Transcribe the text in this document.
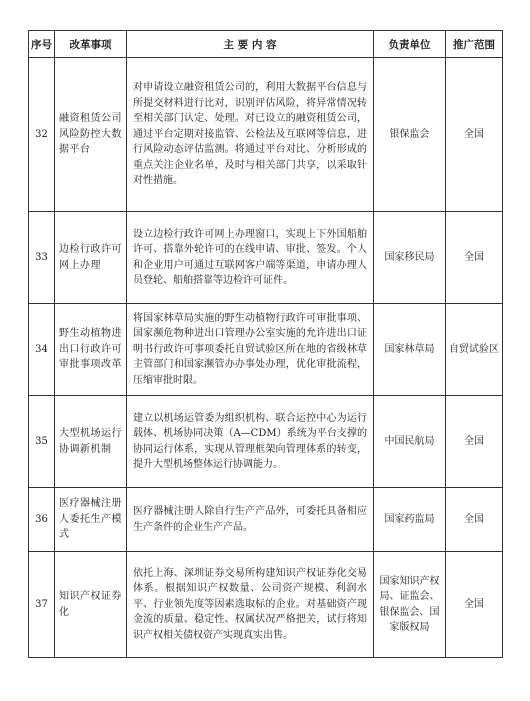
序号	改革事项	主 要 内 容	负责单位	推广范围
32	融资租赁公司风险防控大数据平台	对申请设立融资租赁公司的，利用大数据平台信息与所提交材料进行比对，识别评估风险，将异常情况转至相关部门认定、处理。对已设立的融资租赁公司，通过平台定期对接监管、公检法及互联网等信息，进行风险动态评估监测。将通过平台对比、分析形成的重点关注企业名单，及时与相关部门共享，以采取针对性措施。	银保监会	全国
33	边检行政许可网上办理	设立边检行政许可网上办理窗口，实现上下外国船舶许可、搭靠外轮许可的在线申请、审批、签发。个人和企业用户可通过互联网客户端等渠道，申请办理人员登轮、船舶搭靠等边检许可证件。	国家移民局	全国
34	野生动植物进出口行政许可审批事项改革	将国家林草局实施的野生动植物行政许可审批事项、国家濒危物种进出口管理办公室实施的允许进出口证明书行政许可事项委托自贸试验区所在地的省级林草主管部门和国家濒管办办事处办理，优化审批流程，压缩审批时限。	国家林草局	自贸试验区
35	大型机场运行协调新机制	建立以机场运管委为组织机构、联合运控中心为运行载体、机场协同决策（A—CDM）系统为平台支撑的协同运行体系，实现从管理框架向管理体系的转变，提升大型机场整体运行协调能力。	中国民航局	全国
36	医疗器械注册人委托生产模式	医疗器械注册人除自行生产产品外，可委托具备相应生产条件的企业生产产品。	国家药监局	全国
37	知识产权证券化	依托上海、深圳证券交易所构建知识产权证券化交易体系。根据知识产权数量、公司资产规模、利润水平、行业领先度等因素选取标的企业。对基础资产现金流的质量、稳定性、权属状况严格把关，试行将知识产权相关债权资产实现真实出售。	国家知识产权局、证监会、银保监会、国家版权局	全国
